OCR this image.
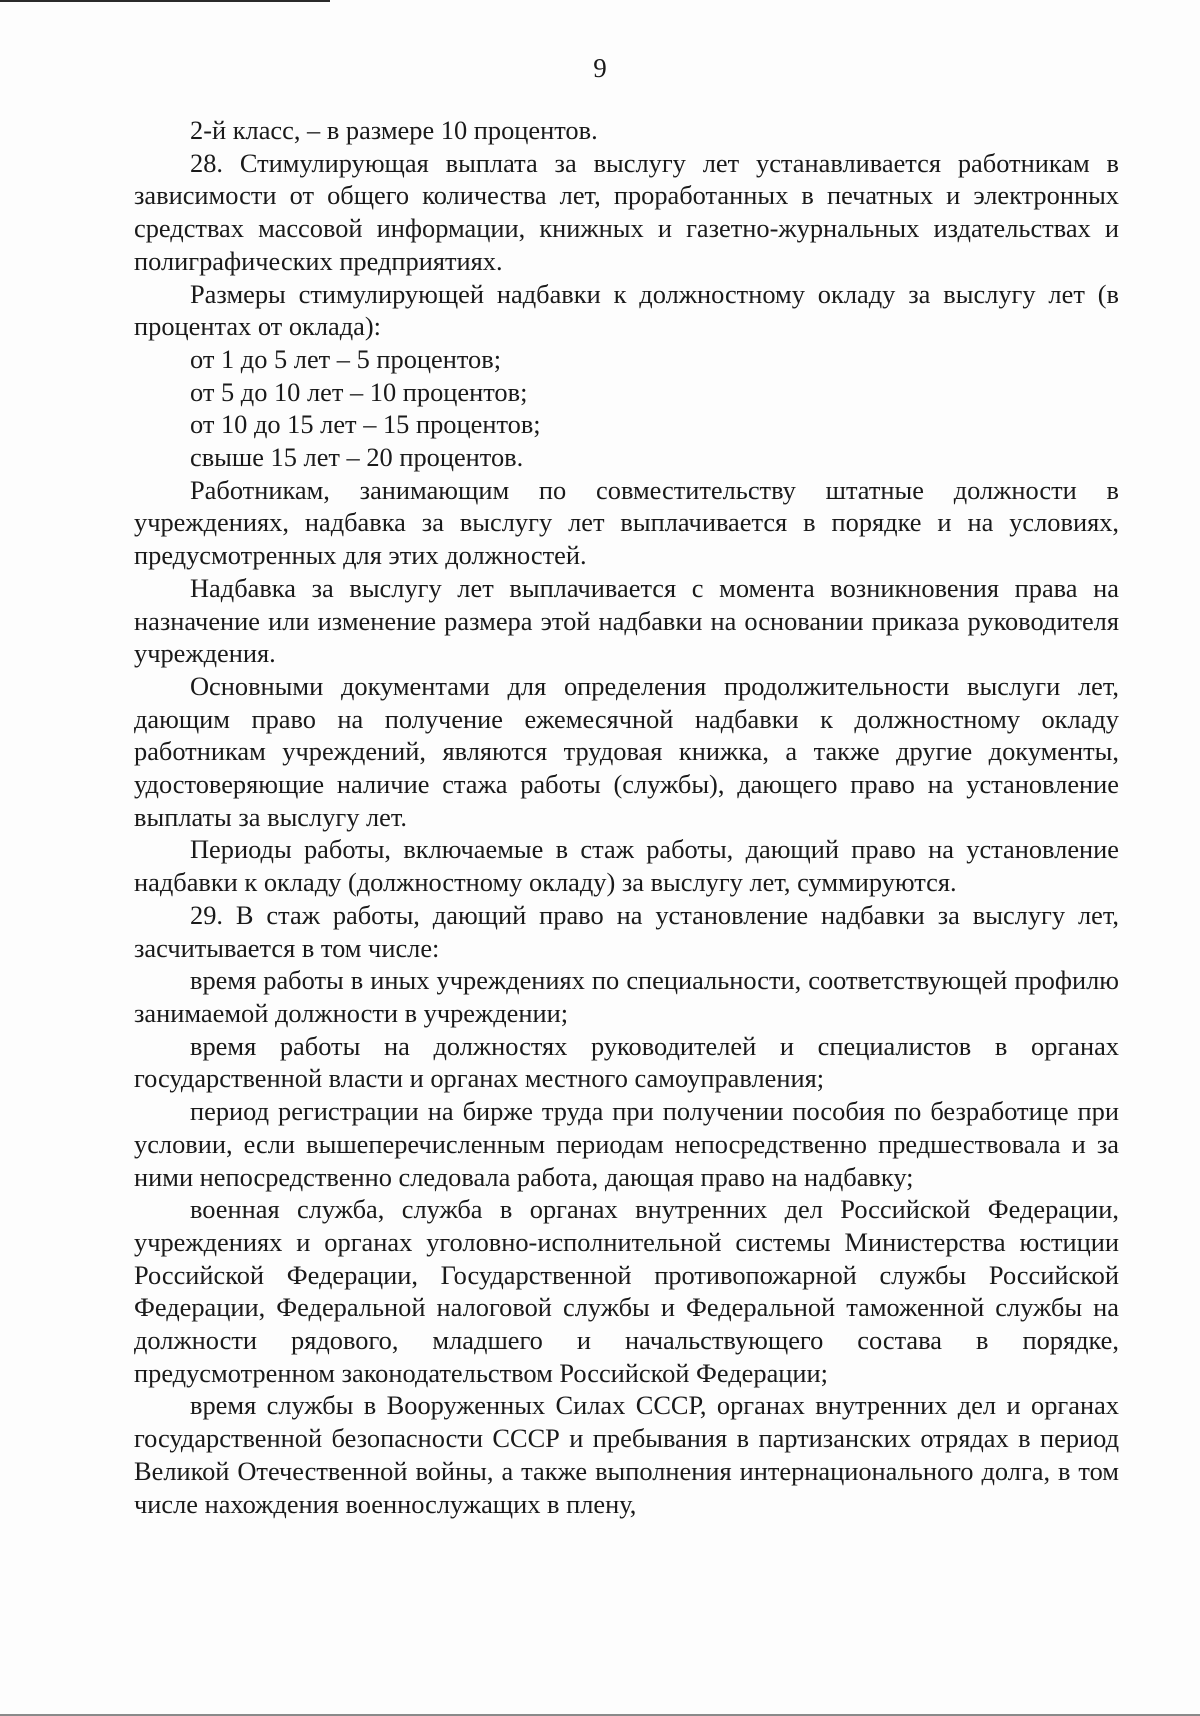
9

2-й класс, – в размере 10 процентов.

28. Стимулирующая выплата за выслугу лет устанавливается работникам в зависимости от общего количества лет, проработанных в печатных и электронных средствах массовой информации, книжных и газетно-журнальных издательствах и полиграфических предприятиях.

Размеры стимулирующей надбавки к должностному окладу за выслугу лет (в процентах от оклада):

от 1 до 5 лет – 5 процентов;

от 5 до 10 лет – 10 процентов;

от 10 до 15 лет – 15 процентов;

свыше 15 лет – 20 процентов.

Работникам, занимающим по совместительству штатные должности в учреждениях, надбавка за выслугу лет выплачивается в порядке и на условиях, предусмотренных для этих должностей.

Надбавка за выслугу лет выплачивается с момента возникновения права на назначение или изменение размера этой надбавки на основании приказа руководителя учреждения.

Основными документами для определения продолжительности выслуги лет, дающим право на получение ежемесячной надбавки к должностному окладу работникам учреждений, являются трудовая книжка, а также другие документы, удостоверяющие наличие стажа работы (службы), дающего право на установление выплаты за выслугу лет.

Периоды работы, включаемые в стаж работы, дающий право на установление надбавки к окладу (должностному окладу) за выслугу лет, суммируются.

29. В стаж работы, дающий право на установление надбавки за выслугу лет, засчитывается в том числе:

время работы в иных учреждениях по специальности, соответствующей профилю занимаемой должности в учреждении;

время работы на должностях руководителей и специалистов в органах государственной власти и органах местного самоуправления;

период регистрации на бирже труда при получении пособия по безработице при условии, если вышеперечисленным периодам непосредственно предшествовала и за ними непосредственно следовала работа, дающая право на надбавку;

военная служба, служба в органах внутренних дел Российской Федерации, учреждениях и органах уголовно-исполнительной системы Министерства юстиции Российской Федерации, Государственной противопожарной службы Российской Федерации, Федеральной налоговой службы и Федеральной таможенной службы на должности рядового, младшего и начальствующего состава в порядке, предусмотренном законодательством Российской Федерации;

время службы в Вооруженных Силах СССР, органах внутренних дел и органах государственной безопасности СССР и пребывания в партизанских отрядах в период Великой Отечественной войны, а также выполнения интернационального долга, в том числе нахождения военнослужащих в плену,
